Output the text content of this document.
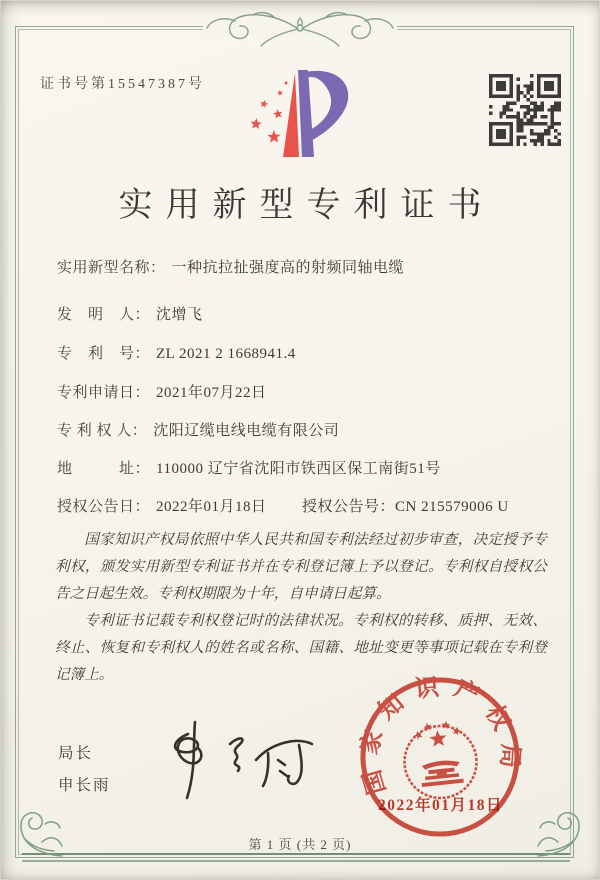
证书号第15547387号
实用新型专利证书
实用新型名称： 一种抗拉扯强度高的射频同轴电缆
发　明　人： 沈增飞
专　利　号： ZL 2021 2 1668941.4
专利申请日： 2021年07月22日
专 利 权 人： 沈阳辽缆电线电缆有限公司
地　　　址： 110000 辽宁省沈阳市铁西区保工南街51号
授权公告日： 2022年01月18日 授权公告号：CN 215579006 U

国家知识产权局依照中华人民共和国专利法经过初步审查，决定授予专利权，颁发实用新型专利证书并在专利登记簿上予以登记。专利权自授权公告之日起生效。专利权期限为十年，自申请日起算。

专利证书记载专利权登记时的法律状况。专利权的转移、质押、无效、终止、恢复和专利权人的姓名或名称、国籍、地址变更等事项记载在专利登记簿上。

局长
申长雨	国家知识产权局
2022年01月18日
第 1 页 (共 2 页)
